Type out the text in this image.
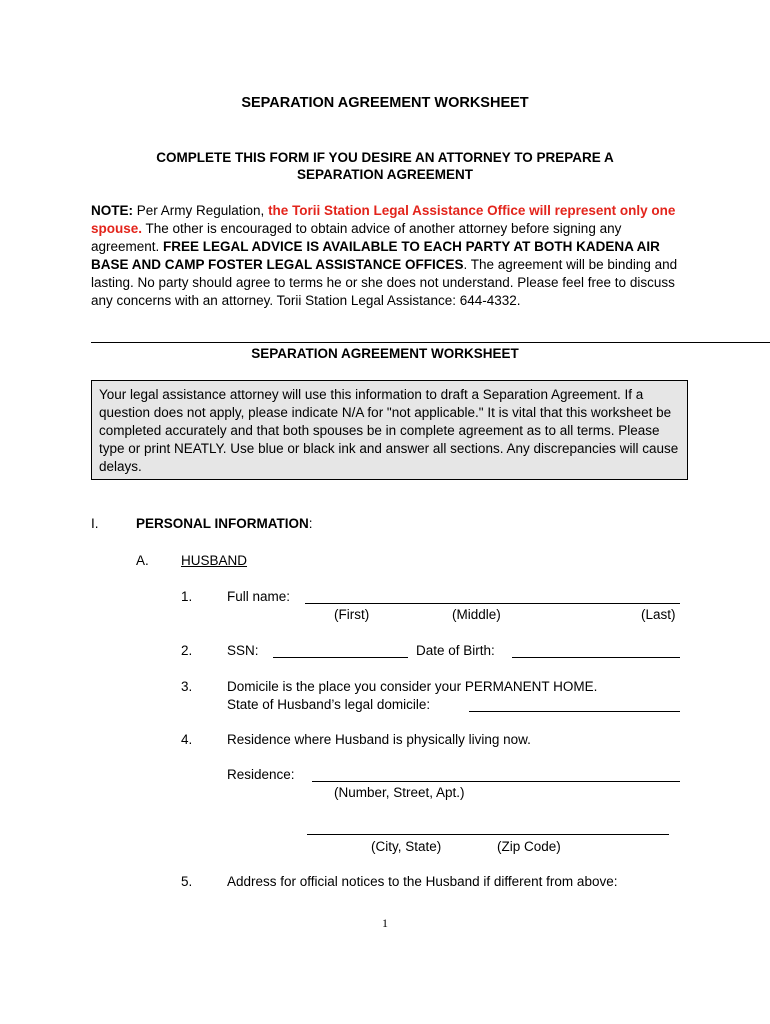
SEPARATION AGREEMENT WORKSHEET
COMPLETE THIS FORM IF YOU DESIRE AN ATTORNEY TO PREPARE A
SEPARATION AGREEMENT
NOTE: Per Army Regulation, the Torii Station Legal Assistance Office will represent only one spouse. The other is encouraged to obtain advice of another attorney before signing any agreement. FREE LEGAL ADVICE IS AVAILABLE TO EACH PARTY AT BOTH KADENA AIR BASE AND CAMP FOSTER LEGAL ASSISTANCE OFFICES. The agreement will be binding and lasting. No party should agree to terms he or she does not understand. Please feel free to discuss any concerns with an attorney. Torii Station Legal Assistance: 644-4332.
SEPARATION AGREEMENT WORKSHEET
Your legal assistance attorney will use this information to draft a Separation Agreement. If a question does not apply, please indicate N/A for "not applicable." It is vital that this worksheet be completed accurately and that both spouses be in complete agreement as to all terms. Please type or print NEATLY. Use blue or black ink and answer all sections. Any discrepancies will cause delays.
I.	PERSONAL INFORMATION:
A. HUSBAND
1.	Full name:
(First)	(Middle)	(Last)
2.	SSN:	Date of Birth:
3.	Domicile is the place you consider your PERMANENT HOME.
State of Husband’s legal domicile:
4.	Residence where Husband is physically living now.
Residence:
(Number, Street, Apt.)
(City, State)	(Zip Code)
5.	Address for official notices to the Husband if different from above:
1
